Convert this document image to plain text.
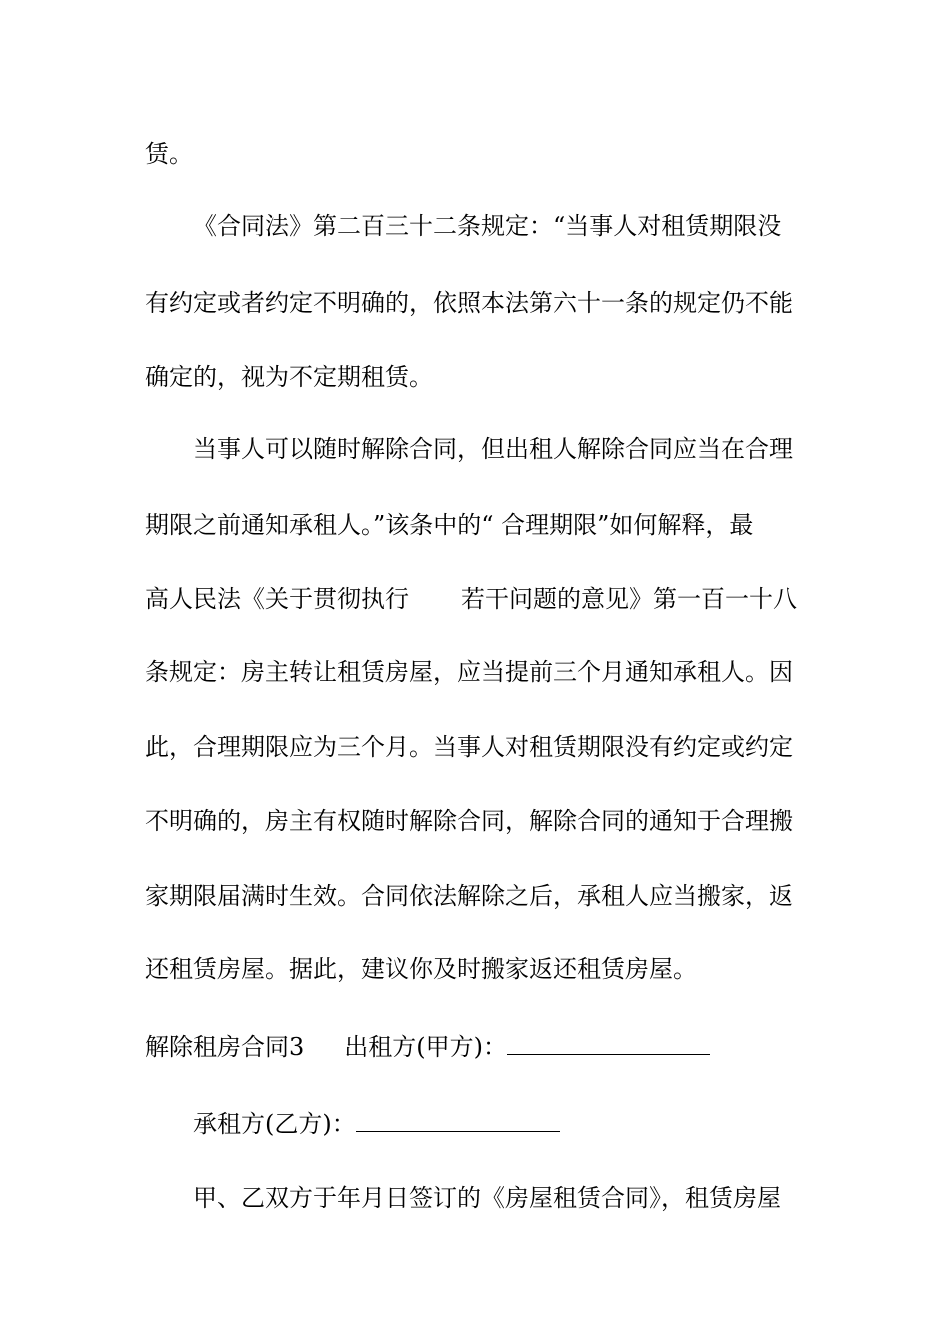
赁。
《合同法》第二百三十二条规定：“当事人对租赁期限没
有约定或者约定不明确的，依照本法第六十一条的规定仍不能
确定的，视为不定期租赁。
当事人可以随时解除合同，但出租人解除合同应当在合理
期限之前通知承租人。”该条中的“ 合理期限”如何解释，最
高人民法《关于贯彻执行 若干问题的意见》第一百一十八
条规定：房主转让租赁房屋，应当提前三个月通知承租人。因
此，合理期限应为三个月。当事人对租赁期限没有约定或约定
不明确的，房主有权随时解除合同，解除合同的通知于合理搬
家期限届满时生效。合同依法解除之后，承租人应当搬家，返
还租赁房屋。据此，建议你及时搬家返还租赁房屋。
解除租房合同3 出租方(甲方)：
承租方(乙方)：
甲、乙双方于年月日签订的《房屋租赁合同》，租赁房屋
